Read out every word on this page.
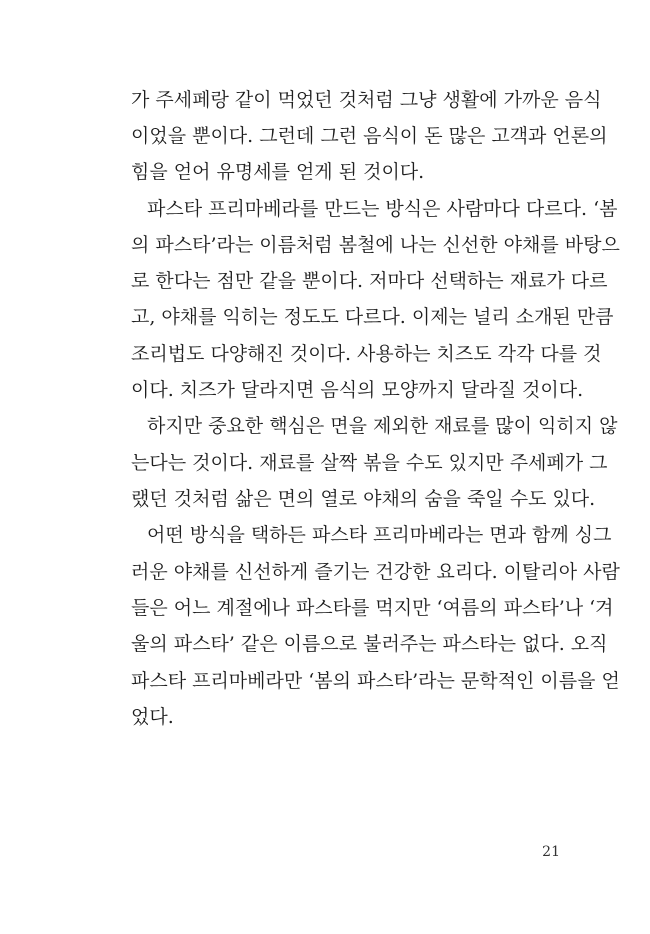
가 주세페랑 같이 먹었던 것처럼 그냥 생활에 가까운 음식
이었을 뿐이다. 그런데 그런 음식이 돈 많은 고객과 언론의
힘을 얻어 유명세를 얻게 된 것이다.
파스타 프리마베라를 만드는 방식은 사람마다 다르다. ‘봄
의 파스타’라는 이름처럼 봄철에 나는 신선한 야채를 바탕으
로 한다는 점만 같을 뿐이다. 저마다 선택하는 재료가 다르
고, 야채를 익히는 정도도 다르다. 이제는 널리 소개된 만큼
조리법도 다양해진 것이다. 사용하는 치즈도 각각 다를 것
이다. 치즈가 달라지면 음식의 모양까지 달라질 것이다.
하지만 중요한 핵심은 면을 제외한 재료를 많이 익히지 않
는다는 것이다. 재료를 살짝 볶을 수도 있지만 주세페가 그
랬던 것처럼 삶은 면의 열로 야채의 숨을 죽일 수도 있다.
어떤 방식을 택하든 파스타 프리마베라는 면과 함께 싱그
러운 야채를 신선하게 즐기는 건강한 요리다. 이탈리아 사람
들은 어느 계절에나 파스타를 먹지만 ‘여름의 파스타’나 ‘겨
울의 파스타’ 같은 이름으로 불러주는 파스타는 없다. 오직
파스타 프리마베라만 ‘봄의 파스타’라는 문학적인 이름을 얻
었다.
21
